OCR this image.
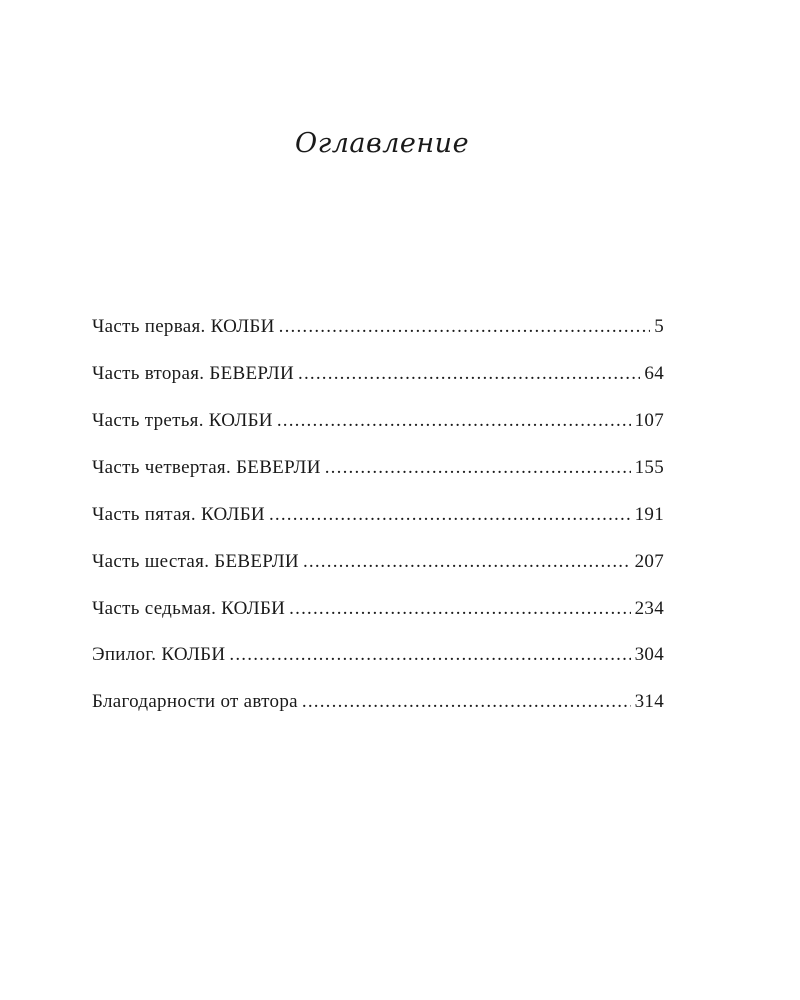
Оглавление
Часть первая. КОЛБИ .....	5
Часть вторая. БЕВЕРЛИ .....	64
Часть третья. КОЛБИ .....	107
Часть четвертая. БЕВЕРЛИ .....	155
Часть пятая. КОЛБИ .....	191
Часть шестая. БЕВЕРЛИ .....	207
Часть седьмая. КОЛБИ .....	234
Эпилог. КОЛБИ .....	304
Благодарности от автора .....	314
